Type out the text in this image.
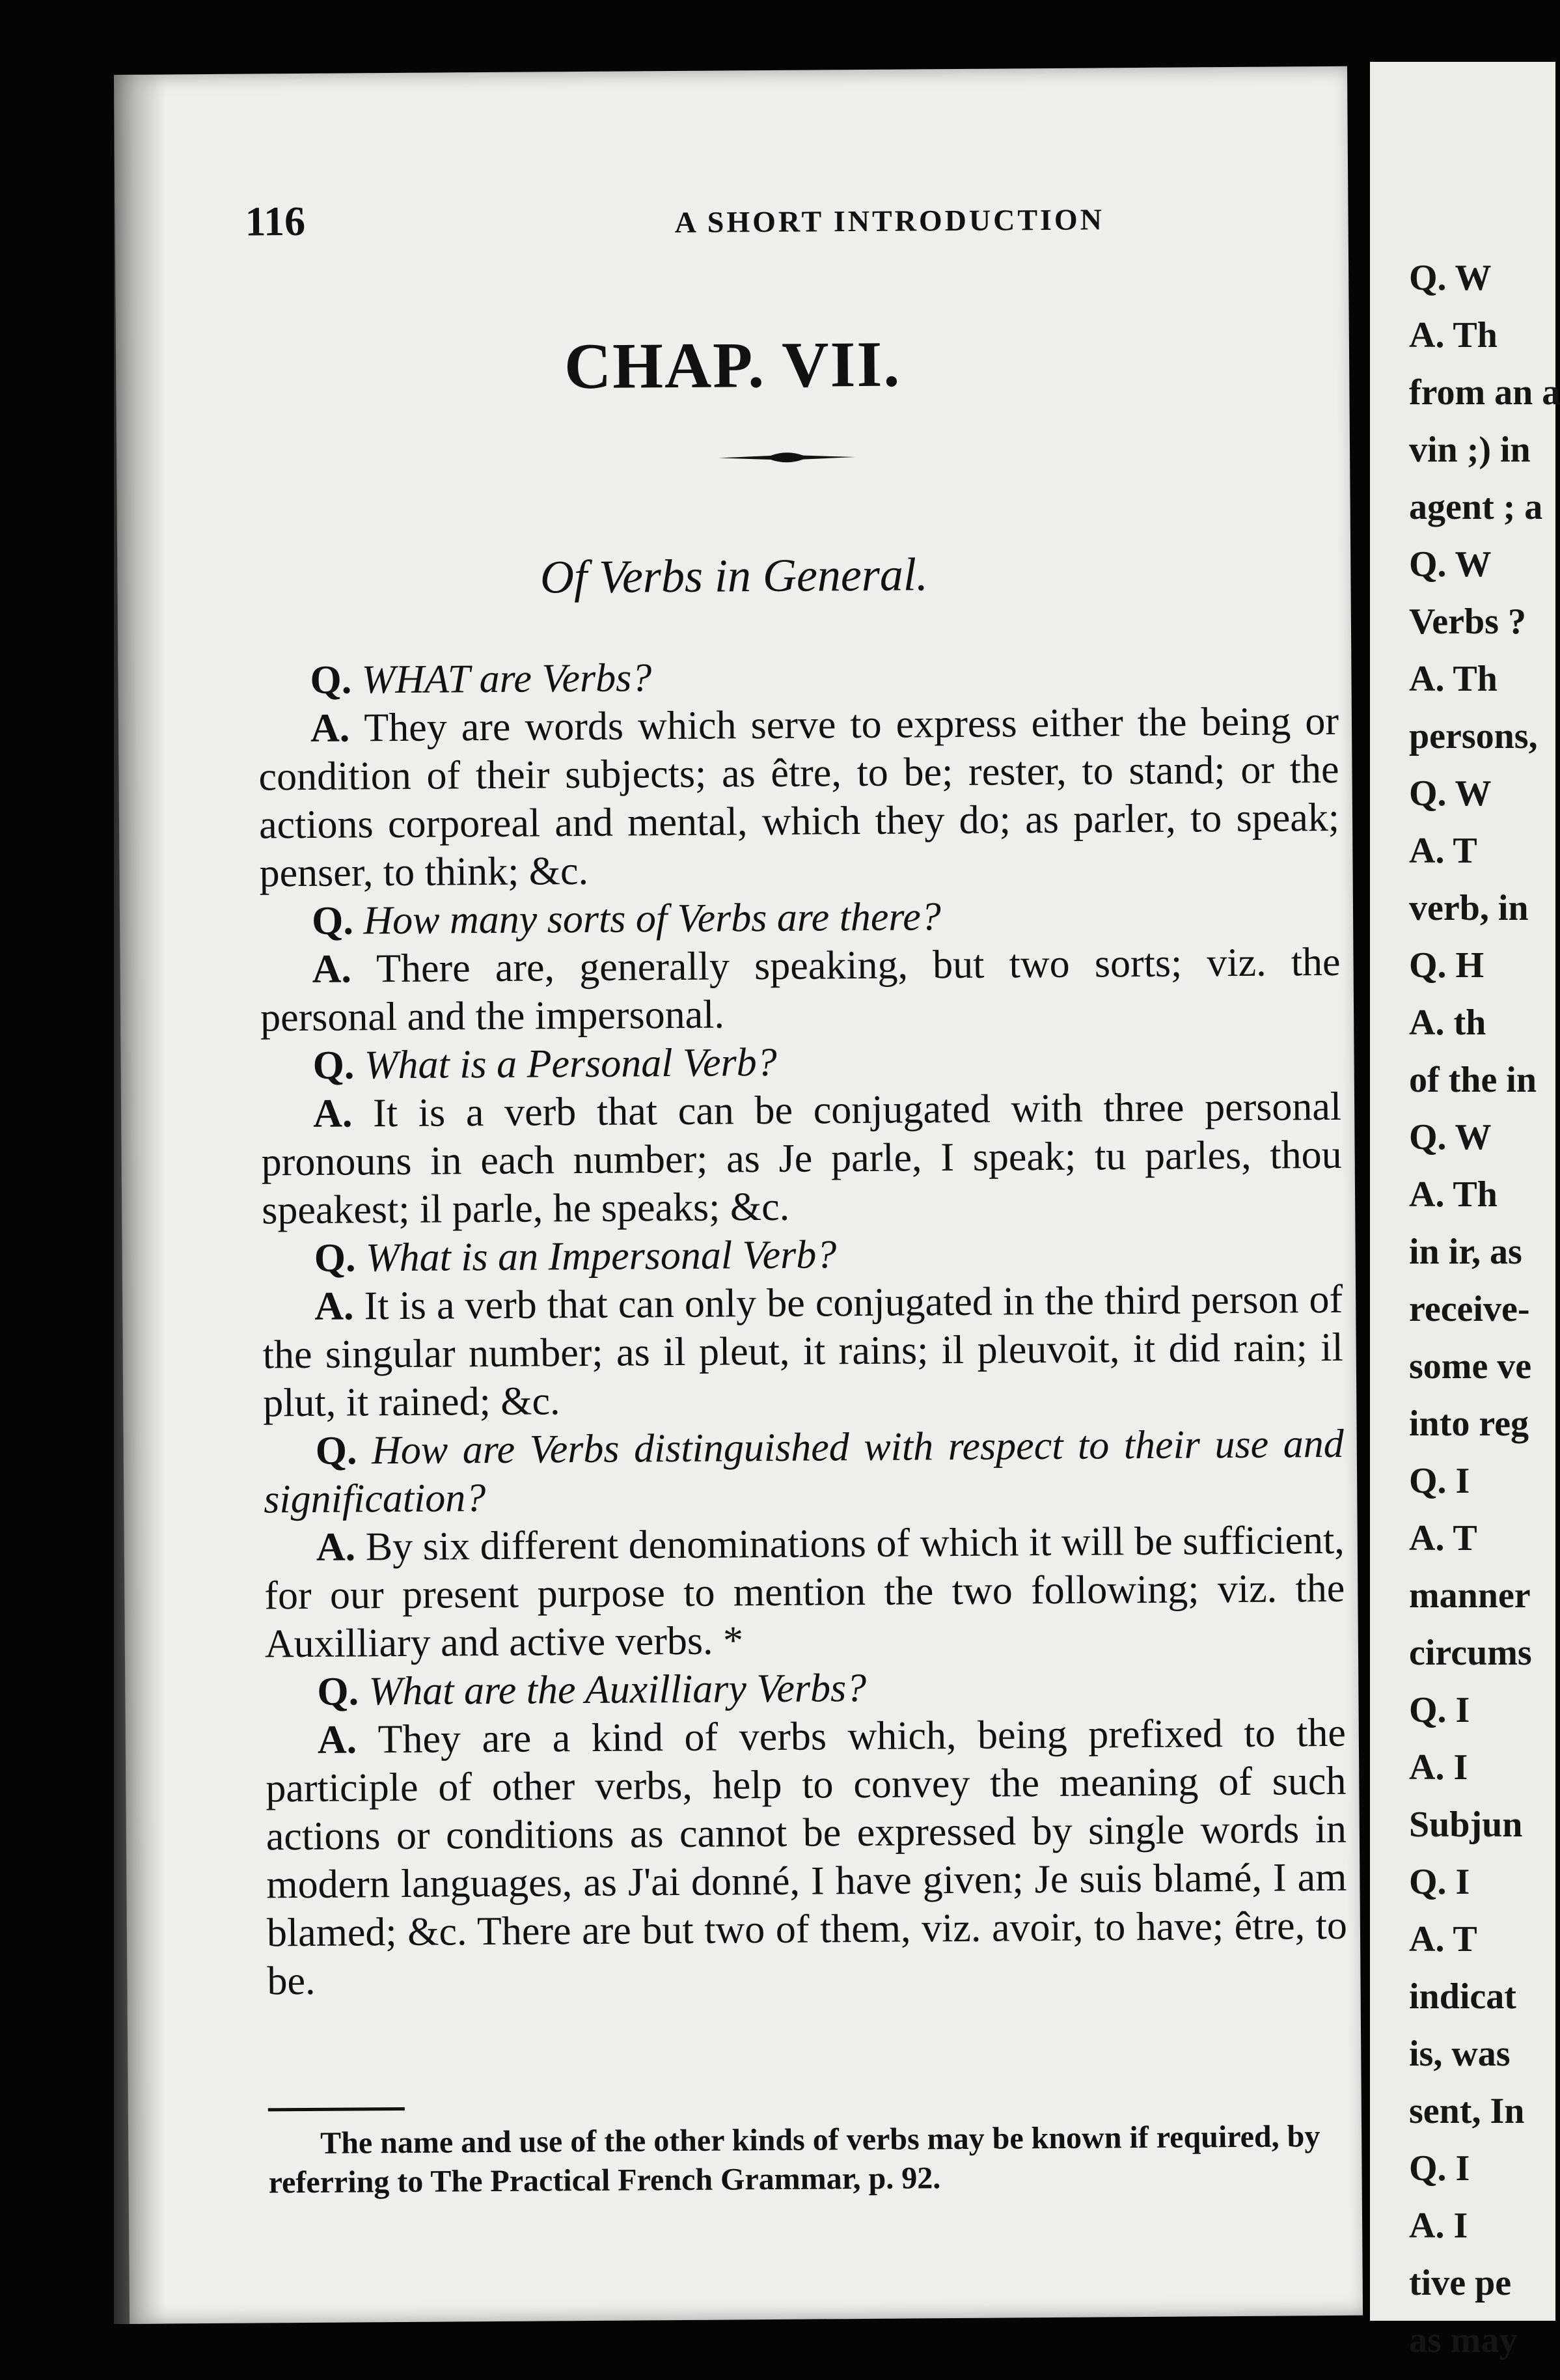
116	A SHORT INTRODUCTION
CHAP. VII.
Of Verbs in General.

Q. WHAT are Verbs?

A. They are words which serve to express either the being or condition of their subjects; as être, to be; rester, to stand; or the actions corporeal and mental, which they do; as parler, to speak; penser, to think; &c.

Q. How many sorts of Verbs are there?

A. There are, generally speaking, but two sorts; viz. the personal and the impersonal.

Q. What is a Personal Verb?

A. It is a verb that can be conjugated with three personal pronouns in each number; as Je parle, I speak; tu parles, thou speakest; il parle, he speaks; &c.

Q. What is an Impersonal Verb?

A. It is a verb that can only be conjugated in the third person of the singular number; as il pleut, it rains; il pleuvoit, it did rain; il plut, it rained; &c.

Q. How are Verbs distinguished with respect to their use and signification?

A. By six different denominations of which it will be sufficient, for our present purpose to mention the two following; viz. the Auxilliary and active verbs. *

Q. What are the Auxilliary Verbs?

A. They are a kind of verbs which, being prefixed to the participle of other verbs, help to convey the meaning of such actions or conditions as cannot be expressed by single words in modern languages, as J'ai donné, I have given; Je suis blamé, I am blamed; &c. There are but two of them, viz. avoir, to have; être, to be.

The name and use of the other kinds of verbs may be known if required, by referring to The Practical French Grammar, p. 92.

Q. W

A. Th

from an a

vin ;) in

agent ; a

Q. W

Verbs ?

A. Th

persons,

Q. W

A. T

verb, in

Q. H

A. th

of the in

Q. W

A. Th

in ir, as

receive-

some ve

into reg

Q. I

A. T

manner

circums

Q. I

A. I

Subjun

Q. I

A. T

indicat

is, was

sent, In

Q. I

A. I

tive pe

as may
